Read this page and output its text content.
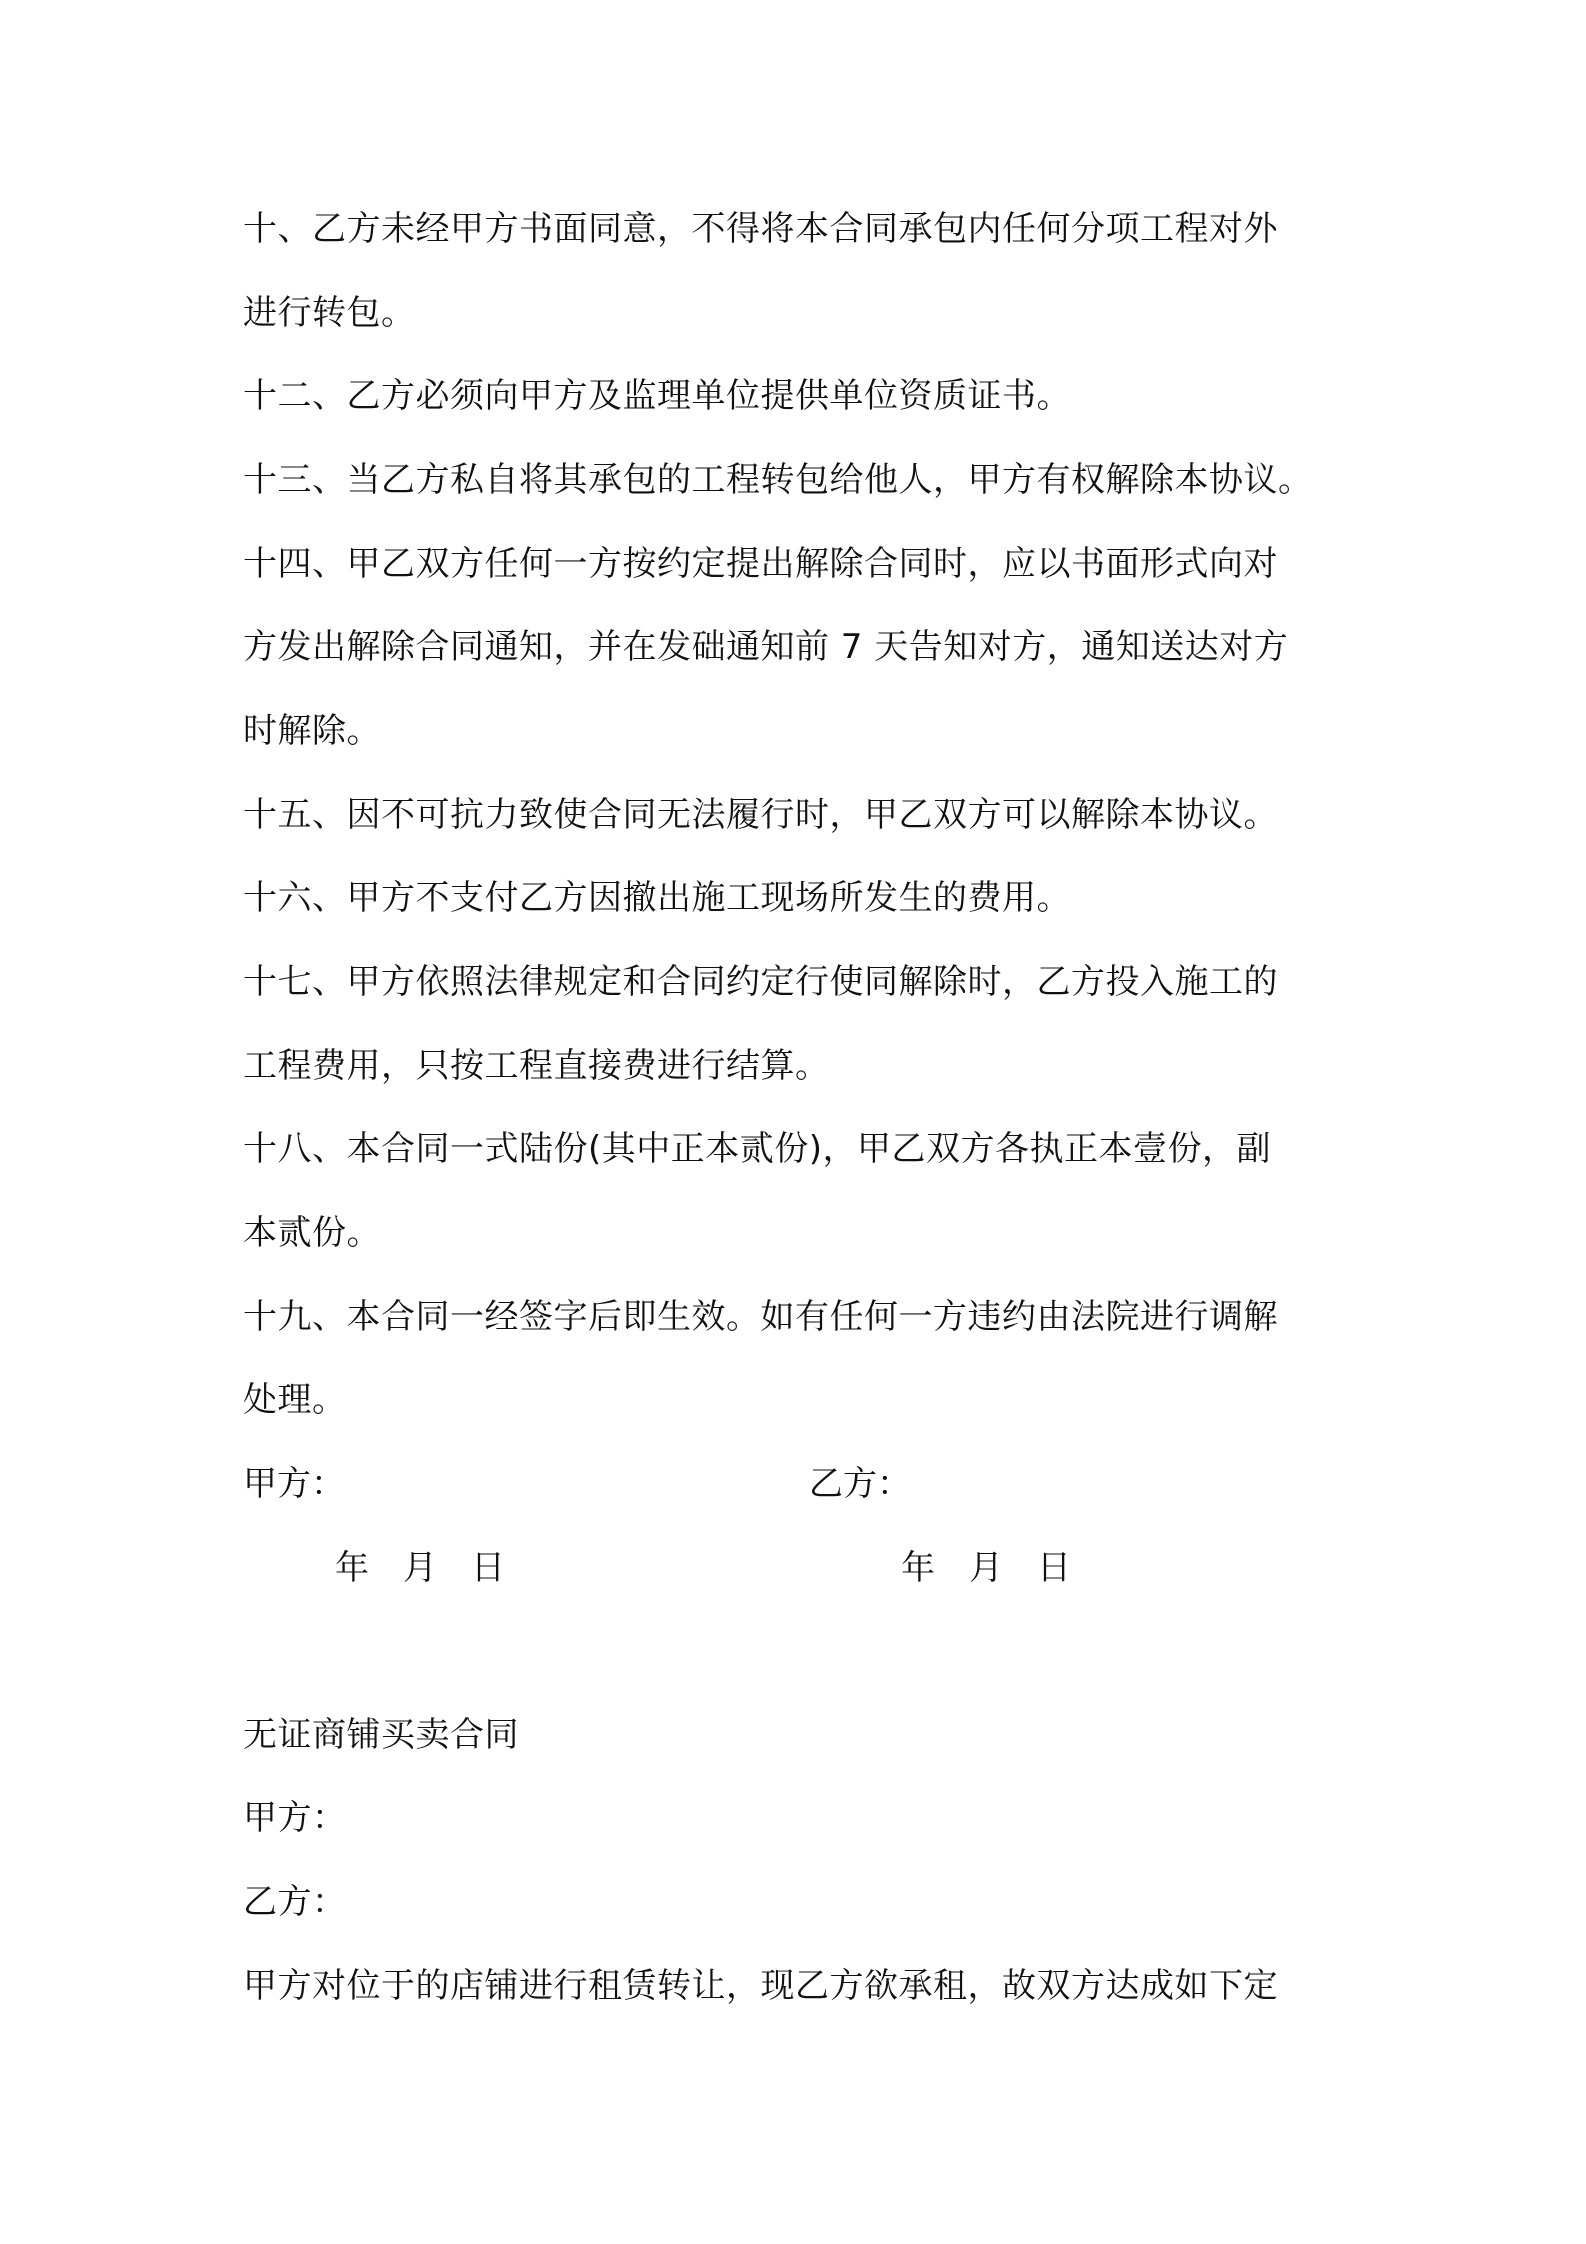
十、乙方未经甲方书面同意，不得将本合同承包内任何分项工程对外
进行转包。
十二、乙方必须向甲方及监理单位提供单位资质证书。
十三、当乙方私自将其承包的工程转包给他人，甲方有权解除本协议。
十四、甲乙双方任何一方按约定提出解除合同时，应以书面形式向对
方发出解除合同通知，并在发础通知前 7 天告知对方，通知送达对方
时解除。
十五、因不可抗力致使合同无法履行时，甲乙双方可以解除本协议。
十六、甲方不支付乙方因撤出施工现场所发生的费用。
十七、甲方依照法律规定和合同约定行使同解除时，乙方投入施工的
工程费用，只按工程直接费进行结算。
十八、本合同一式陆份(其中正本贰份)，甲乙双方各执正本壹份，副
本贰份。
十九、本合同一经签字后即生效。如有任何一方违约由法院进行调解
处理。
甲方：	乙方：
年　月　日	年　月　日
无证商铺买卖合同
甲方：
乙方：
甲方对位于的店铺进行租赁转让，现乙方欲承租，故双方达成如下定
